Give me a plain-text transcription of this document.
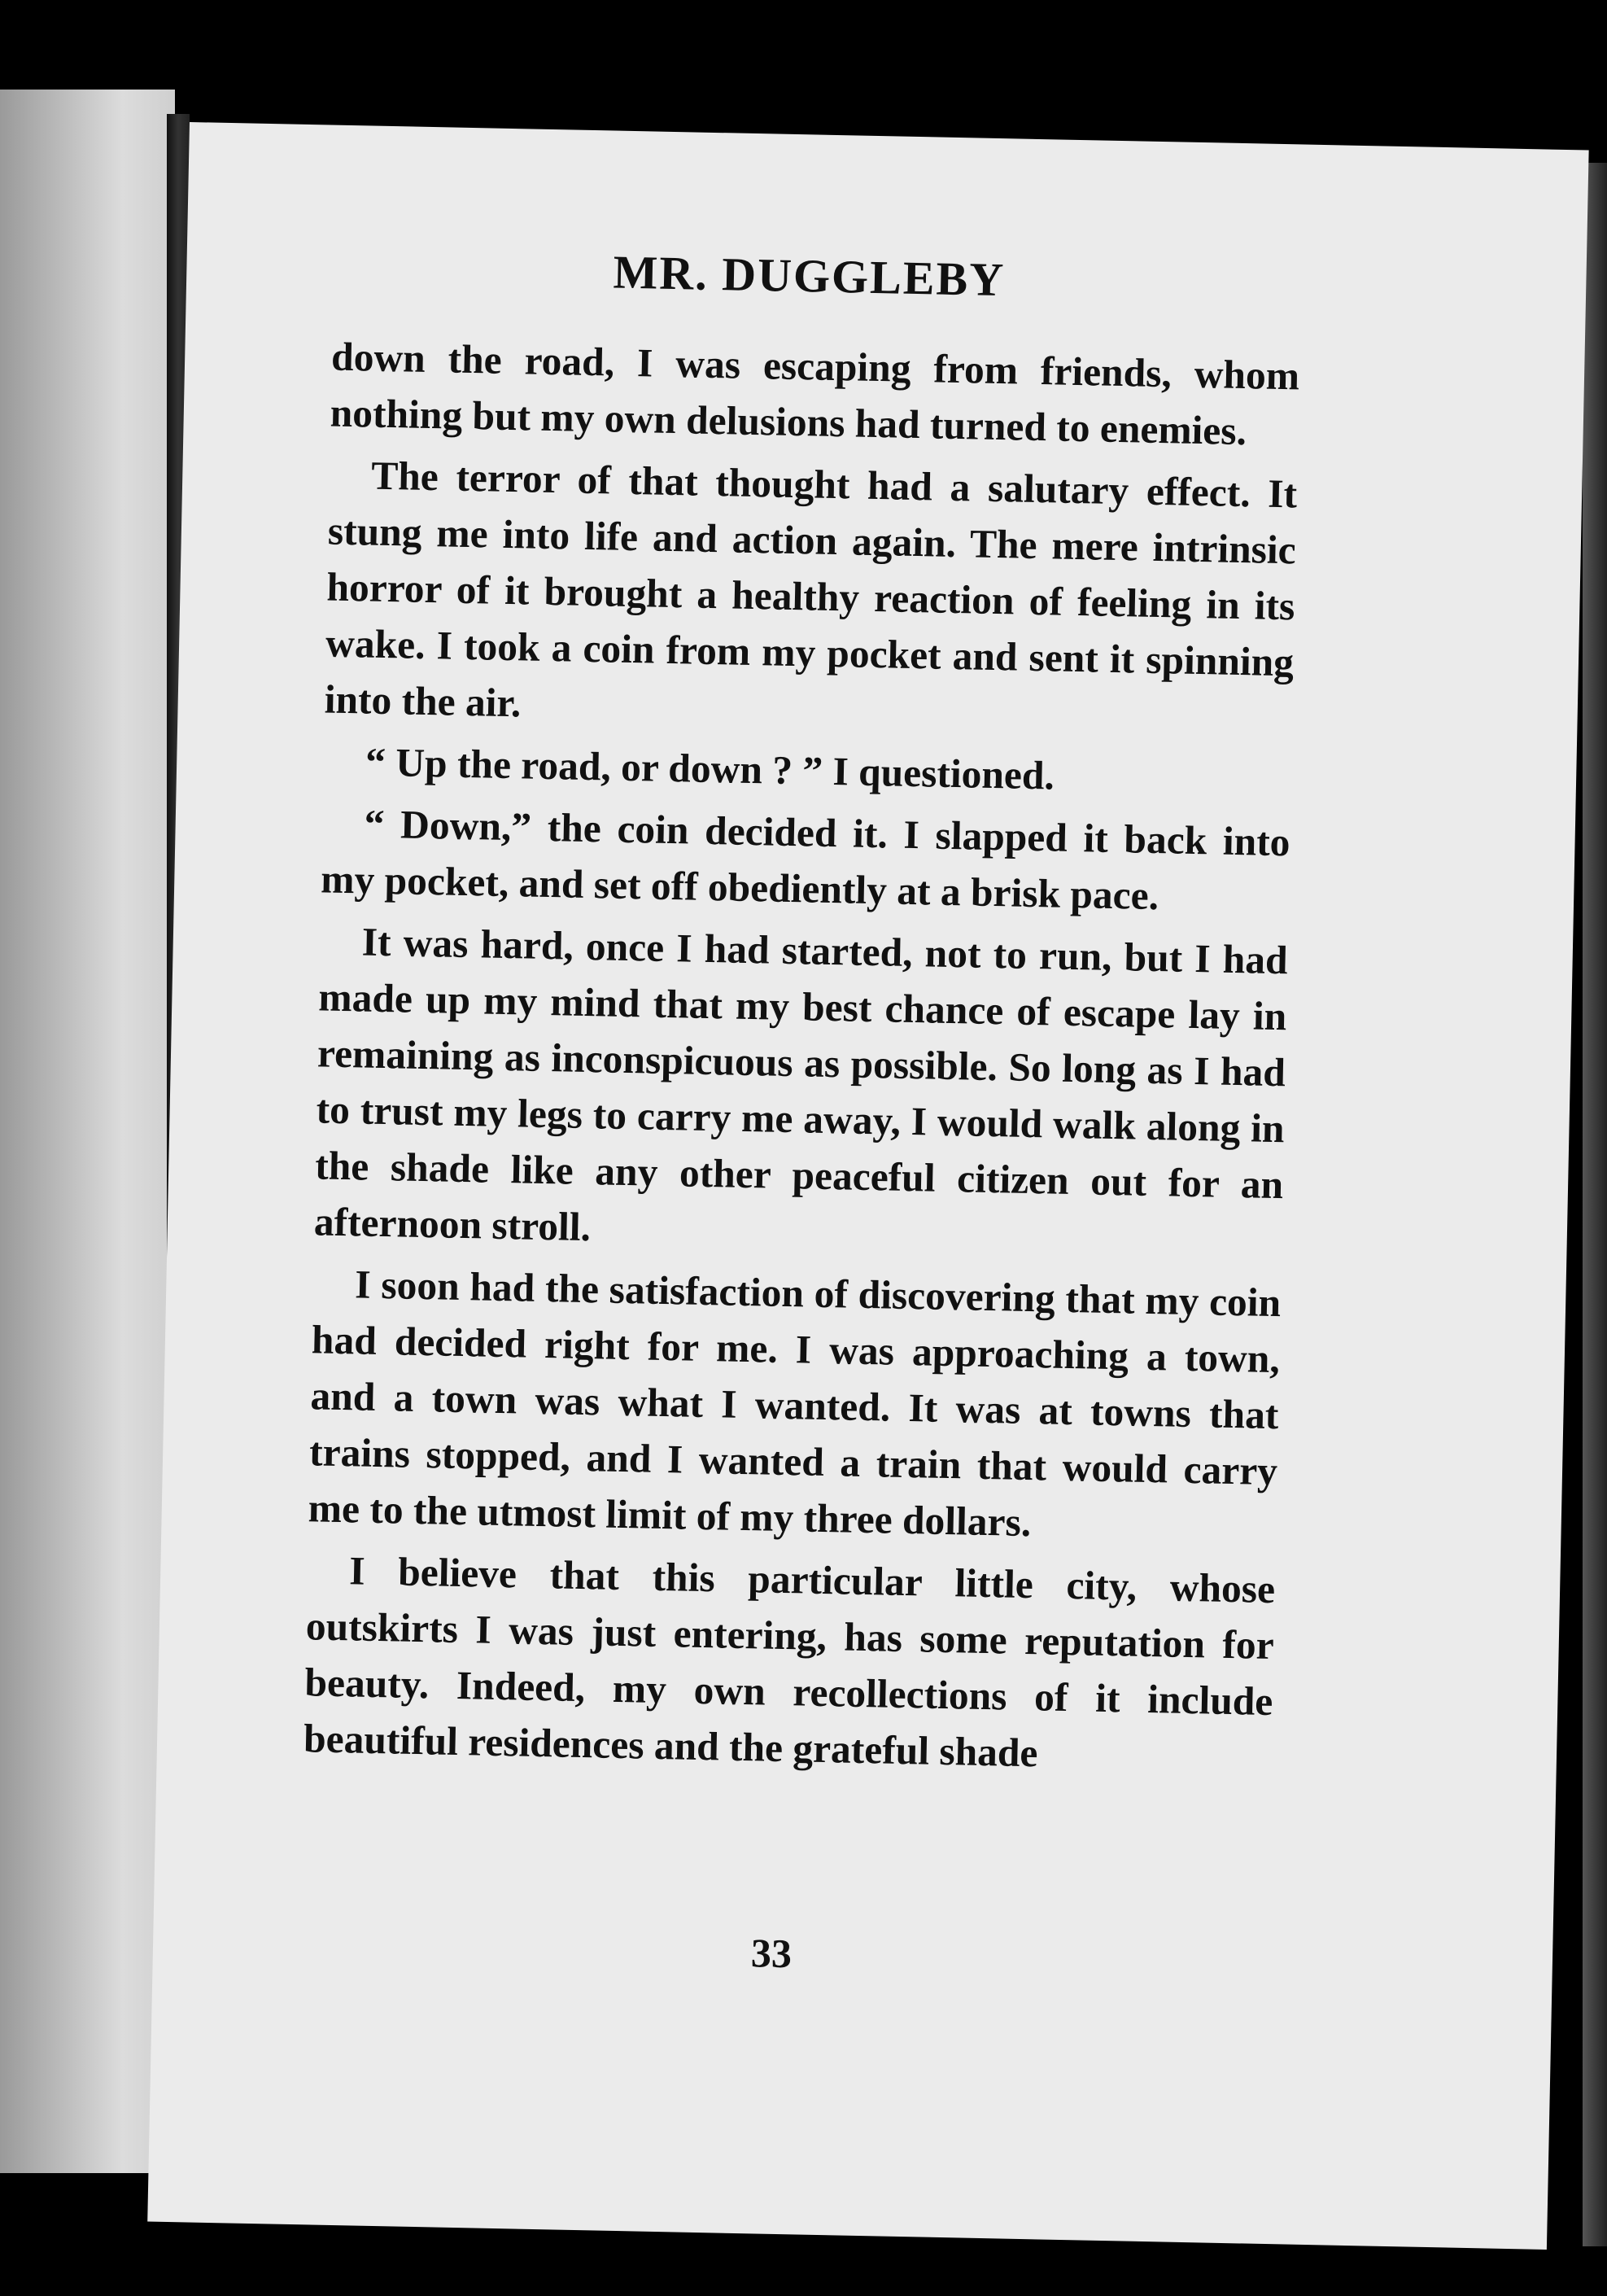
MR. DUGGLEBY

down the road, I was escaping from friends, whom nothing but my own delusions had turned to enemies.

The terror of that thought had a salutary effect. It stung me into life and action again. The mere intrinsic horror of it brought a healthy reaction of feeling in its wake. I took a coin from my pocket and sent it spinning into the air.

“ Up the road, or down ? ” I questioned.

“ Down,” the coin decided it. I slapped it back into my pocket, and set off obediently at a brisk pace.

It was hard, once I had started, not to run, but I had made up my mind that my best chance of escape lay in remaining as inconspicuous as possible. So long as I had to trust my legs to carry me away, I would walk along in the shade like any other peaceful citizen out for an afternoon stroll.

I soon had the satisfaction of discovering that my coin had decided right for me. I was approaching a town, and a town was what I wanted. It was at towns that trains stopped, and I wanted a train that would carry me to the utmost limit of my three dollars.

I believe that this particular little city, whose outskirts I was just entering, has some reputation for beauty. Indeed, my own recollections of it include beautiful residences and the grateful shade

33
